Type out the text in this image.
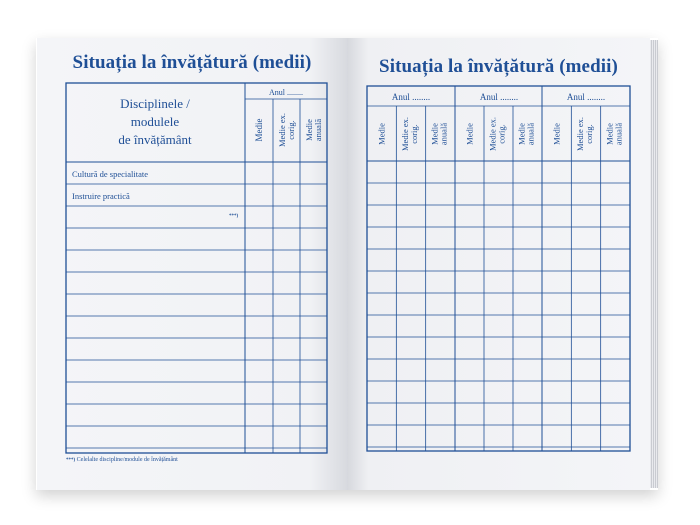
Situația la învățătură (medii)
Disciplinele /
modulele
de învățământ
Anul ........
Medie Medie ex. corig. Medie anuală
Cultură de specialitate
Instruire practică
***)
***) Celelalte discipline/module de învățământ
Situația la învățătură (medii)
Anul ........	Anul ........	Anul ........
Medie Medie ex. corig. Medie anuală Medie Medie ex. corig. Medie anuală Medie Medie ex. corig. Medie anuală
